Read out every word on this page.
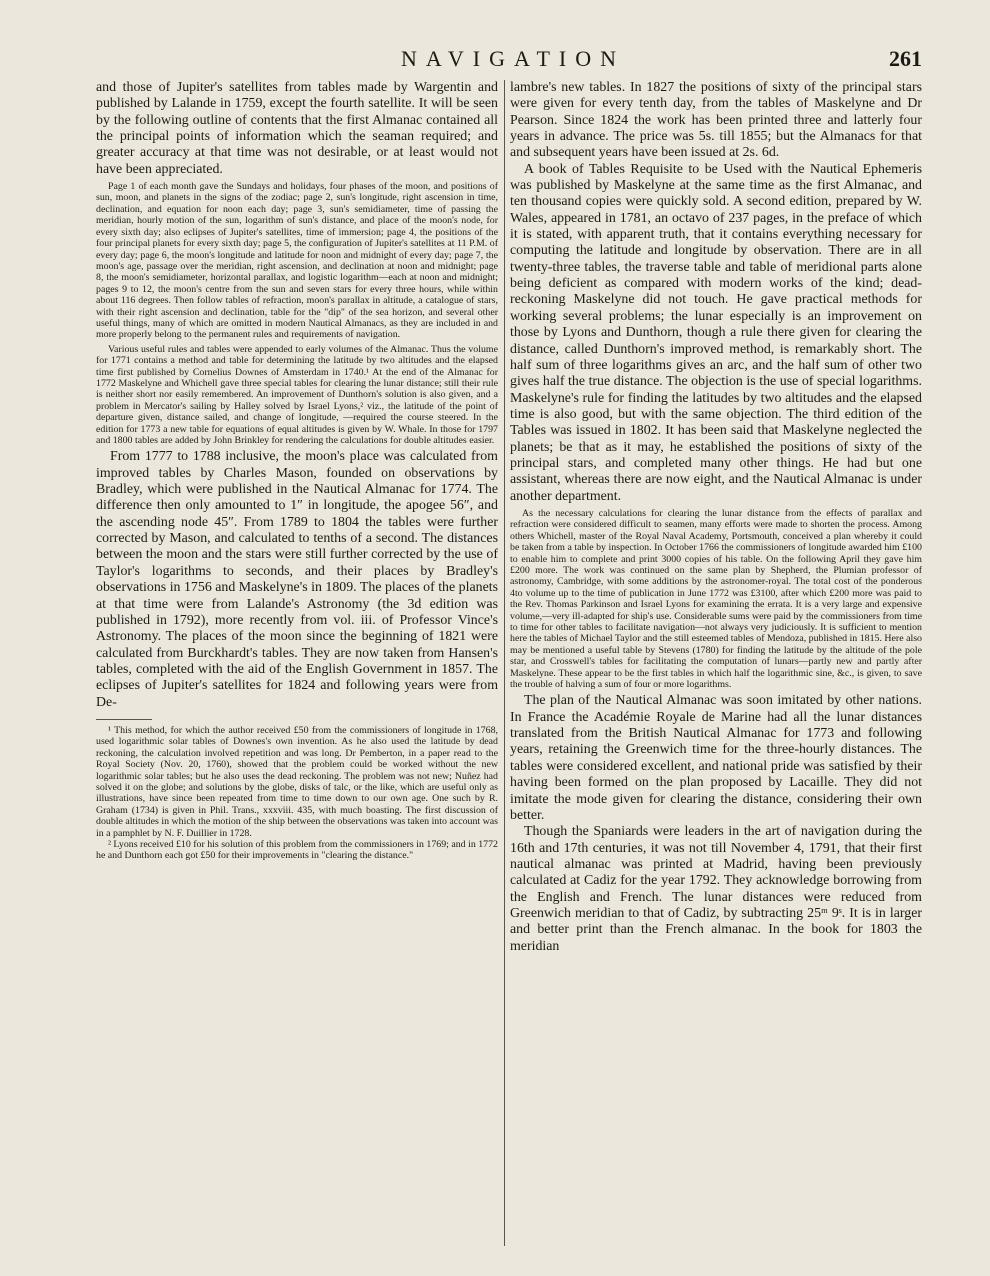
NAVIGATION	261

and those of Jupiter's satellites from tables made by Wargentin and published by Lalande in 1759, except the fourth satellite. It will be seen by the following outline of contents that the first Almanac contained all the principal points of information which the seaman required; and greater accuracy at that time was not desirable, or at least would not have been appreciated.

Page 1 of each month gave the Sundays and holidays, four phases of the moon, and positions of sun, moon, and planets in the signs of the zodiac; page 2, sun's longitude, right ascension in time, declination, and equation for noon each day; page 3, sun's semidiameter, time of passing the meridian, hourly motion of the sun, logarithm of sun's distance, and place of the moon's node, for every sixth day; also eclipses of Jupiter's satellites, time of immersion; page 4, the positions of the four principal planets for every sixth day; page 5, the configuration of Jupiter's satellites at 11 P.M. of every day; page 6, the moon's longitude and latitude for noon and midnight of every day; page 7, the moon's age, passage over the meridian, right ascension, and declination at noon and midnight; page 8, the moon's semidiameter, horizontal parallax, and logistic logarithm—each at noon and midnight; pages 9 to 12, the moon's centre from the sun and seven stars for every three hours, while within about 116 degrees. Then follow tables of refraction, moon's parallax in altitude, a catalogue of stars, with their right ascension and declination, table for the "dip" of the sea horizon, and several other useful things, many of which are omitted in modern Nautical Almanacs, as they are included in and more properly belong to the permanent rules and requirements of navigation.

Various useful rules and tables were appended to early volumes of the Almanac. Thus the volume for 1771 contains a method and table for determining the latitude by two altitudes and the elapsed time first published by Cornelius Downes of Amsterdam in 1740.¹ At the end of the Almanac for 1772 Maskelyne and Whichell gave three special tables for clearing the lunar distance; still their rule is neither short nor easily remembered. An improvement of Dunthorn's solution is also given, and a problem in Mercator's sailing by Halley solved by Israel Lyons,² viz., the latitude of the point of departure given, distance sailed, and change of longitude, —required the course steered. In the edition for 1773 a new table for equations of equal altitudes is given by W. Whale. In those for 1797 and 1800 tables are added by John Brinkley for rendering the calculations for double altitudes easier.

From 1777 to 1788 inclusive, the moon's place was calculated from improved tables by Charles Mason, founded on observations by Bradley, which were published in the Nautical Almanac for 1774. The difference then only amounted to 1″ in longitude, the apogee 56″, and the ascending node 45″. From 1789 to 1804 the tables were further corrected by Mason, and calculated to tenths of a second. The distances between the moon and the stars were still further corrected by the use of Taylor's logarithms to seconds, and their places by Bradley's observations in 1756 and Maskelyne's in 1809. The places of the planets at that time were from Lalande's Astronomy (the 3d edition was published in 1792), more recently from vol. iii. of Professor Vince's Astronomy. The places of the moon since the beginning of 1821 were calculated from Burckhardt's tables. They are now taken from Hansen's tables, completed with the aid of the English Government in 1857. The eclipses of Jupiter's satellites for 1824 and following years were from De-

¹ This method, for which the author received £50 from the commissioners of longitude in 1768, used logarithmic solar tables of Downes's own invention. As he also used the latitude by dead reckoning, the calculation involved repetition and was long. Dr Pemberton, in a paper read to the Royal Society (Nov. 20, 1760), showed that the problem could be worked without the new logarithmic solar tables; but he also uses the dead reckoning. The problem was not new; Nuñez had solved it on the globe; and solutions by the globe, disks of talc, or the like, which are useful only as illustrations, have since been repeated from time to time down to our own age. One such by R. Graham (1734) is given in Phil. Trans., xxxviii. 435, with much boasting. The first discussion of double altitudes in which the motion of the ship between the observations was taken into account was in a pamphlet by N. F. Duillier in 1728.

² Lyons received £10 for his solution of this problem from the commissioners in 1769; and in 1772 he and Dunthorn each got £50 for their improvements in "clearing the distance."

lambre's new tables. In 1827 the positions of sixty of the principal stars were given for every tenth day, from the tables of Maskelyne and Dr Pearson. Since 1824 the work has been printed three and latterly four years in advance. The price was 5s. till 1855; but the Almanacs for that and subsequent years have been issued at 2s. 6d.

A book of Tables Requisite to be Used with the Nautical Ephemeris was published by Maskelyne at the same time as the first Almanac, and ten thousand copies were quickly sold. A second edition, prepared by W. Wales, appeared in 1781, an octavo of 237 pages, in the preface of which it is stated, with apparent truth, that it contains everything necessary for computing the latitude and longitude by observation. There are in all twenty-three tables, the traverse table and table of meridional parts alone being deficient as compared with modern works of the kind; dead-reckoning Maskelyne did not touch. He gave practical methods for working several problems; the lunar especially is an improvement on those by Lyons and Dunthorn, though a rule there given for clearing the distance, called Dunthorn's improved method, is remarkably short. The half sum of three logarithms gives an arc, and the half sum of other two gives half the true distance. The objection is the use of special logarithms. Maskelyne's rule for finding the latitudes by two altitudes and the elapsed time is also good, but with the same objection. The third edition of the Tables was issued in 1802. It has been said that Maskelyne neglected the planets; be that as it may, he established the positions of sixty of the principal stars, and completed many other things. He had but one assistant, whereas there are now eight, and the Nautical Almanac is under another department.

As the necessary calculations for clearing the lunar distance from the effects of parallax and refraction were considered difficult to seamen, many efforts were made to shorten the process. Among others Whichell, master of the Royal Naval Academy, Portsmouth, conceived a plan whereby it could be taken from a table by inspection. In October 1766 the commissioners of longitude awarded him £100 to enable him to complete and print 3000 copies of his table. On the following April they gave him £200 more. The work was continued on the same plan by Shepherd, the Plumian professor of astronomy, Cambridge, with some additions by the astronomer-royal. The total cost of the ponderous 4to volume up to the time of publication in June 1772 was £3100, after which £200 more was paid to the Rev. Thomas Parkinson and Israel Lyons for examining the errata. It is a very large and expensive volume,—very ill-adapted for ship's use. Considerable sums were paid by the commissioners from time to time for other tables to facilitate navigation—not always very judiciously. It is sufficient to mention here the tables of Michael Taylor and the still esteemed tables of Mendoza, published in 1815. Here also may be mentioned a useful table by Stevens (1780) for finding the latitude by the altitude of the pole star, and Crosswell's tables for facilitating the computation of lunars—partly new and partly after Maskelyne. These appear to be the first tables in which half the logarithmic sine, &c., is given, to save the trouble of halving a sum of four or more logarithms.

The plan of the Nautical Almanac was soon imitated by other nations. In France the Académie Royale de Marine had all the lunar distances translated from the British Nautical Almanac for 1773 and following years, retaining the Greenwich time for the three-hourly distances. The tables were considered excellent, and national pride was satisfied by their having been formed on the plan proposed by Lacaille. They did not imitate the mode given for clearing the distance, considering their own better.

Though the Spaniards were leaders in the art of navigation during the 16th and 17th centuries, it was not till November 4, 1791, that their first nautical almanac was printed at Madrid, having been previously calculated at Cadiz for the year 1792. They acknowledge borrowing from the English and French. The lunar distances were reduced from Greenwich meridian to that of Cadiz, by subtracting 25ᵐ 9ˢ. It is in larger and better print than the French almanac. In the book for 1803 the meridian
